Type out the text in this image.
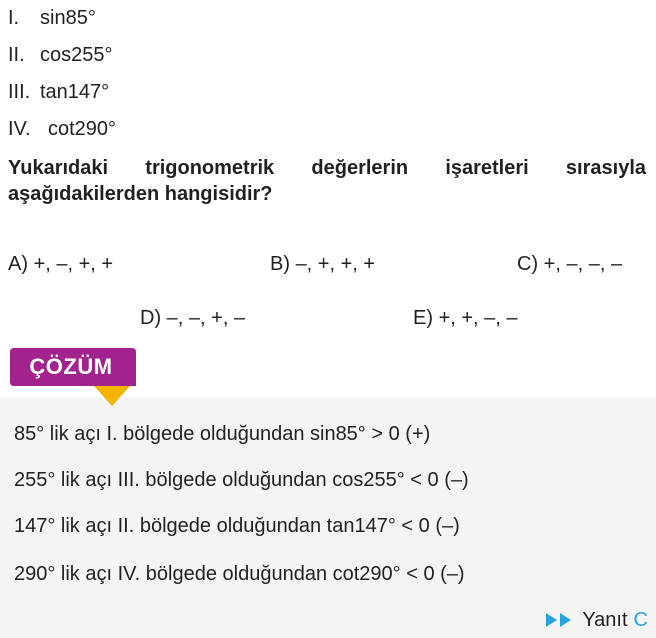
I. sin85°
II. cos255°
III. tan147°
IV. cot290°
Yukarıdaki trigonometrik değerlerin işaretleri sırasıyla
aşağıdakilerden hangisidir?
A) +, –, +, +	B) –, +, +, +	C) +, –, –, –
D) –, –, +, –	E) +, +, –, –
ÇÖZÜM
85° lik açı I. bölgede olduğundan sin85° > 0 (+)
255° lik açı III. bölgede olduğundan cos255° < 0 (–)
147° lik açı II. bölgede olduğundan tan147° < 0 (–)
290° lik açı IV. bölgede olduğundan cot290° < 0 (–)
Yanıt C
